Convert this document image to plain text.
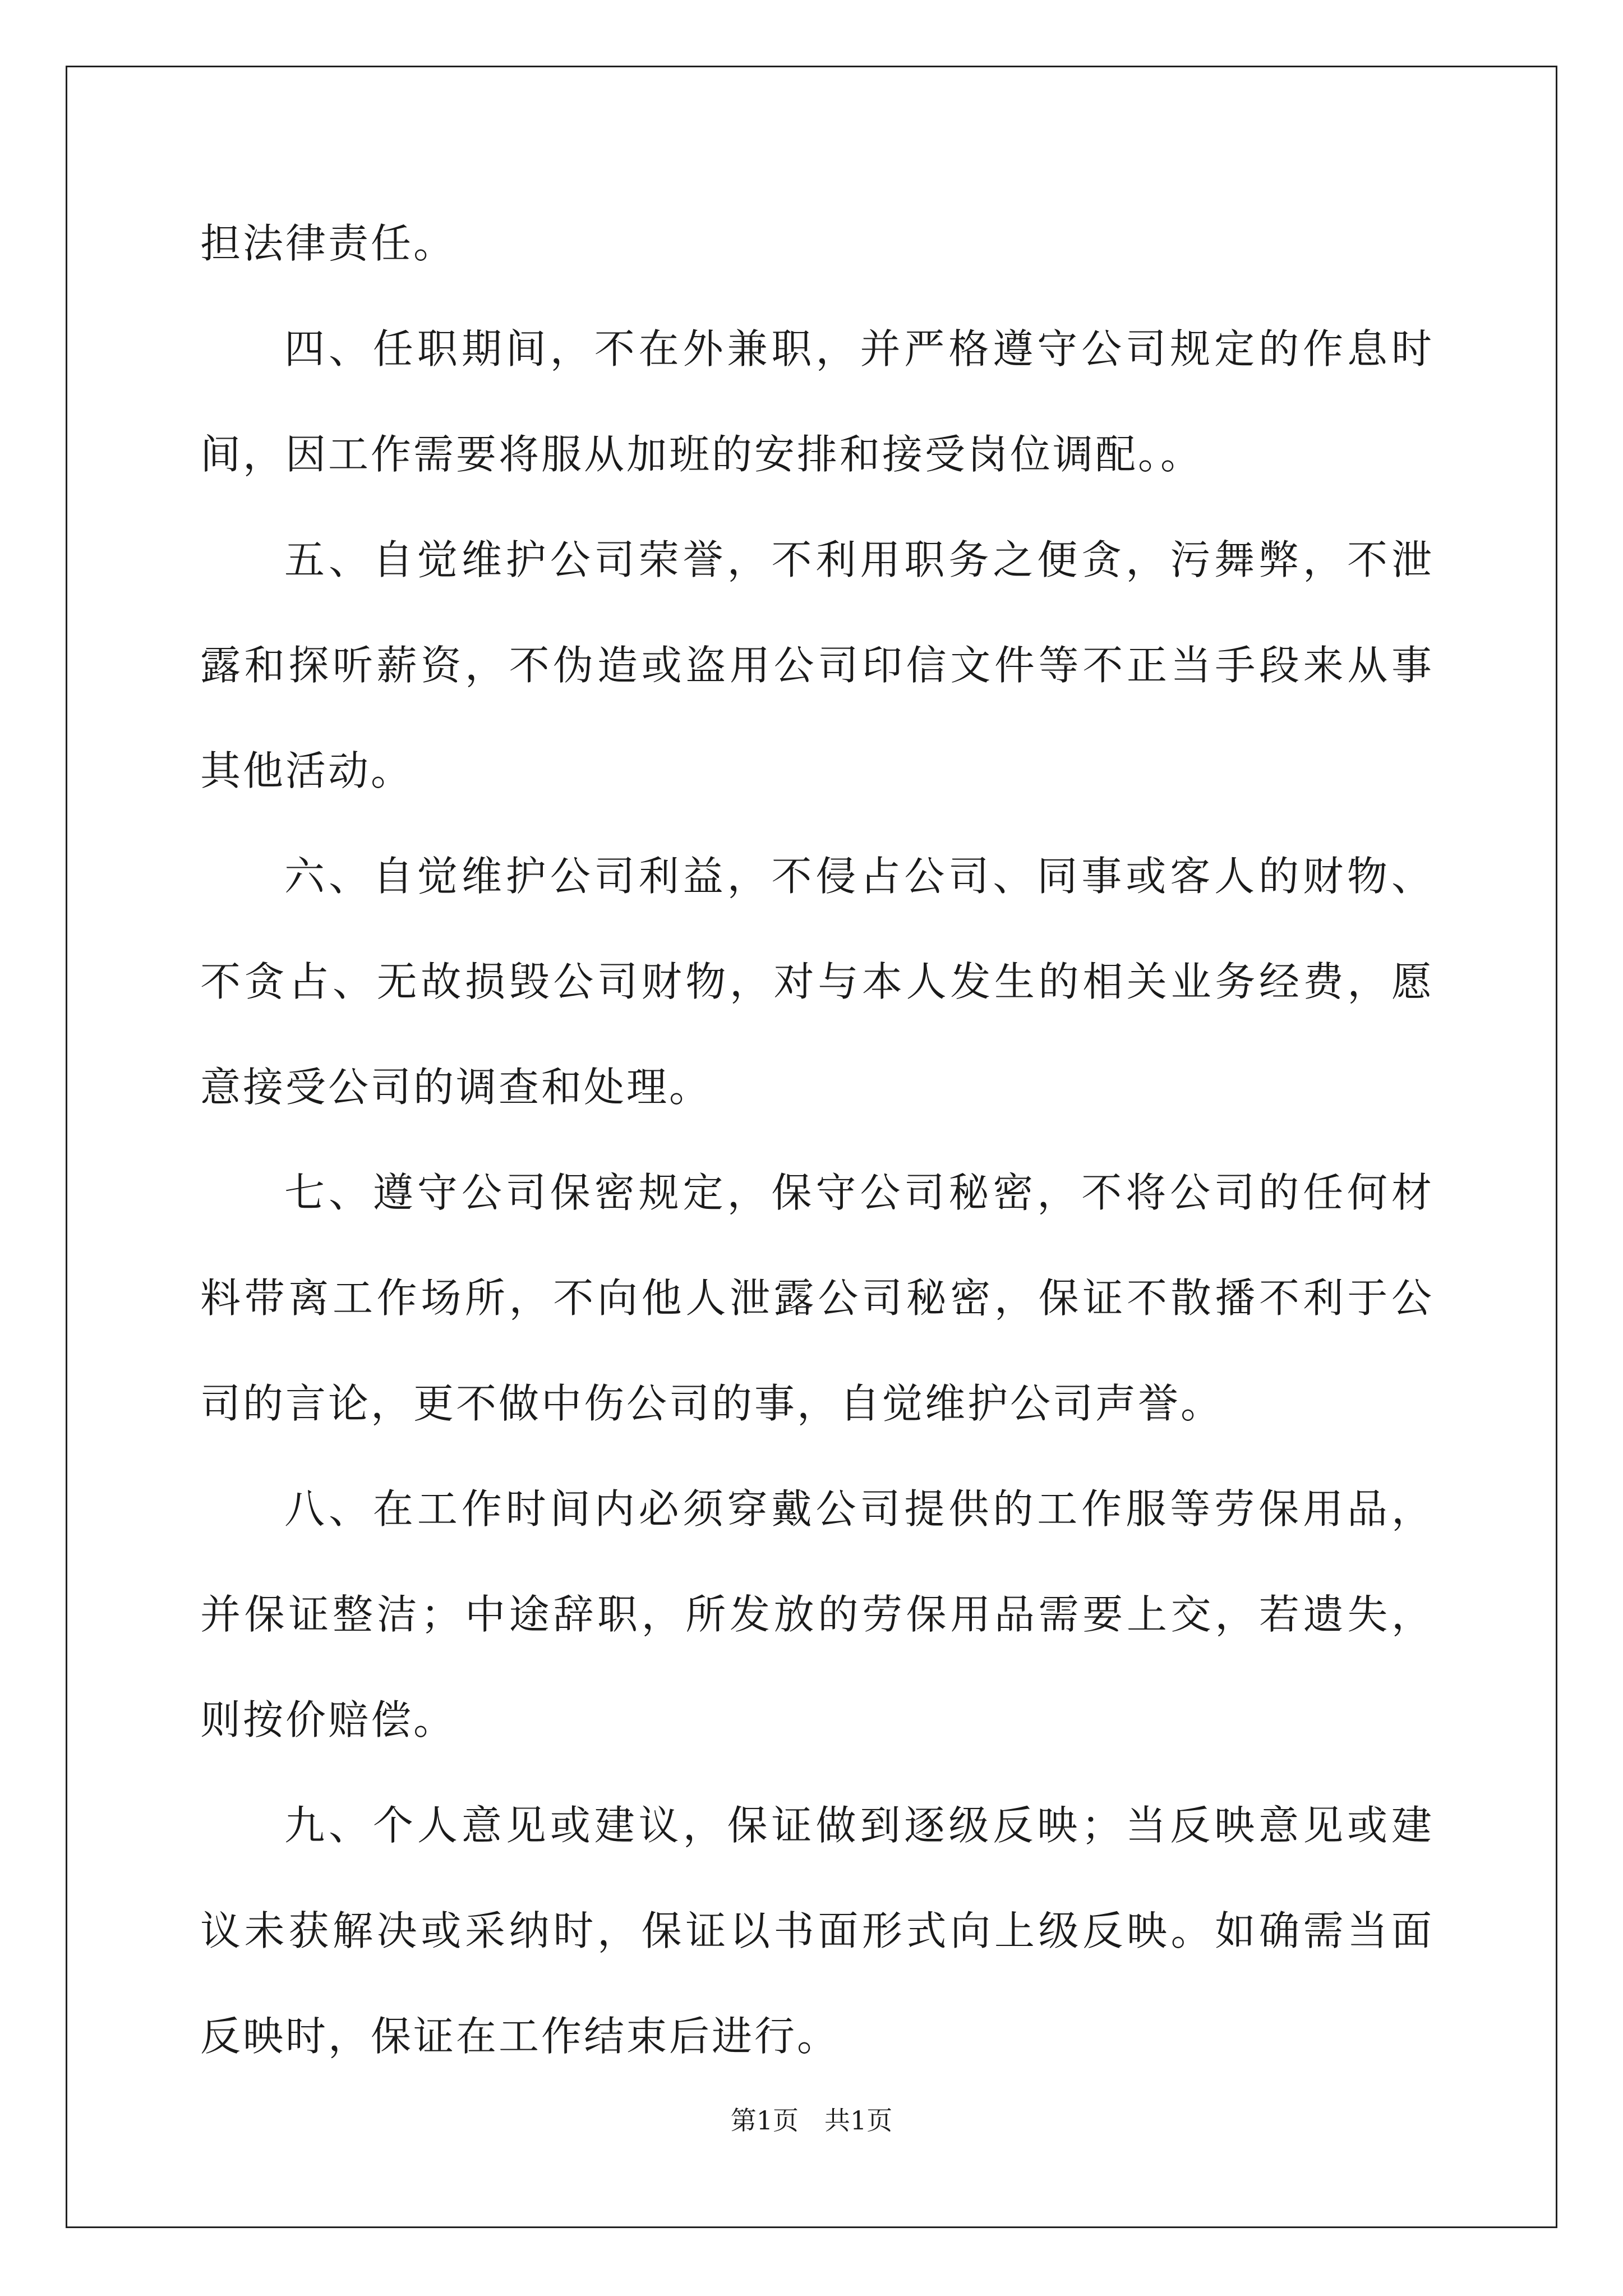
担法律责任。

四、任职期间，不在外兼职，并严格遵守公司规定的作息时间，因工作需要将服从加班的安排和接受岗位调配。。

五、自觉维护公司荣誉，不利用职务之便贪，污舞弊，不泄露和探听薪资，不伪造或盗用公司印信文件等不正当手段来从事其他活动。

六、自觉维护公司利益，不侵占公司、同事或客人的财物、不贪占、无故损毁公司财物，对与本人发生的相关业务经费，愿意接受公司的调查和处理。

七、遵守公司保密规定，保守公司秘密，不将公司的任何材料带离工作场所，不向他人泄露公司秘密，保证不散播不利于公司的言论，更不做中伤公司的事，自觉维护公司声誉。

八、在工作时间内必须穿戴公司提供的工作服等劳保用品，并保证整洁；中途辞职，所发放的劳保用品需要上交，若遗失，则按价赔偿。

九、个人意见或建议，保证做到逐级反映；当反映意见或建议未获解决或采纳时，保证以书面形式向上级反映。如确需当面反映时，保证在工作结束后进行。

第1页　共1页
